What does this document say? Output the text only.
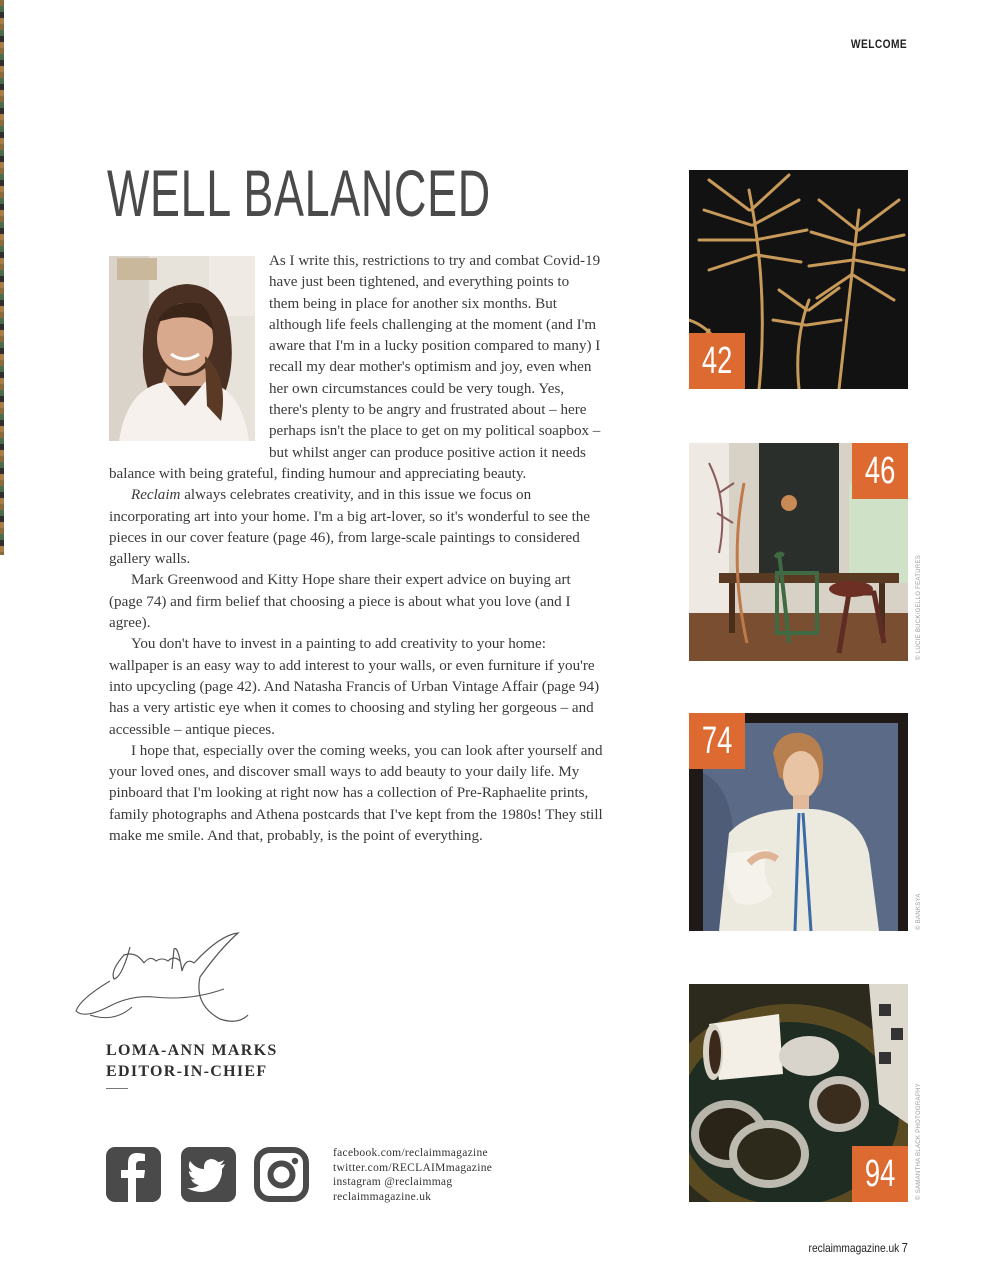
WELCOME
WELL BALANCED

As I write this, restrictions to try and combat Covid-19 have just been tightened, and everything points to them being in place for another six months. But although life feels challenging at the moment (and I'm aware that I'm in a lucky position compared to many) I recall my dear mother's optimism and joy, even when her own circumstances could be very tough. Yes, there's plenty to be angry and frustrated about – here perhaps isn't the place to get on my political soapbox – but whilst anger can produce positive action it needs balance with being grateful, finding humour and appreciating beauty.

Reclaim always celebrates creativity, and in this issue we focus on incorporating art into your home. I'm a big art-lover, so it's wonderful to see the pieces in our cover feature (page 46), from large-scale paintings to considered gallery walls.

Mark Greenwood and Kitty Hope share their expert advice on buying art (page 74) and firm belief that choosing a piece is about what you love (and I agree).

You don't have to invest in a painting to add creativity to your home: wallpaper is an easy way to add interest to your walls, or even furniture if you're into upcycling (page 42). And Natasha Francis of Urban Vintage Affair (page 94) has a very artistic eye when it comes to choosing and styling her gorgeous – and accessible – antique pieces.

I hope that, especially over the coming weeks, you can look after yourself and your loved ones, and discover small ways to add beauty to your daily life. My pinboard that I'm looking at right now has a collection of Pre-Raphaelite prints, family photographs and Athena postcards that I've kept from the 1980s! They still make me smile. And that, probably, is the point of everything.

LOMA-ANN MARKS
EDITOR-IN-CHIEF
facebook.com/reclaimmagazine
twitter.com/RECLAIMmagazine
instagram @reclaimmag
reclaimmagazine.uk
42
46
© LUCIE BUCK/GELLO FEATURES
74
© BANKSYA
94	© SAMANTHA BLACK PHOTOGRAPHY
reclaimmagazine.uk 7
